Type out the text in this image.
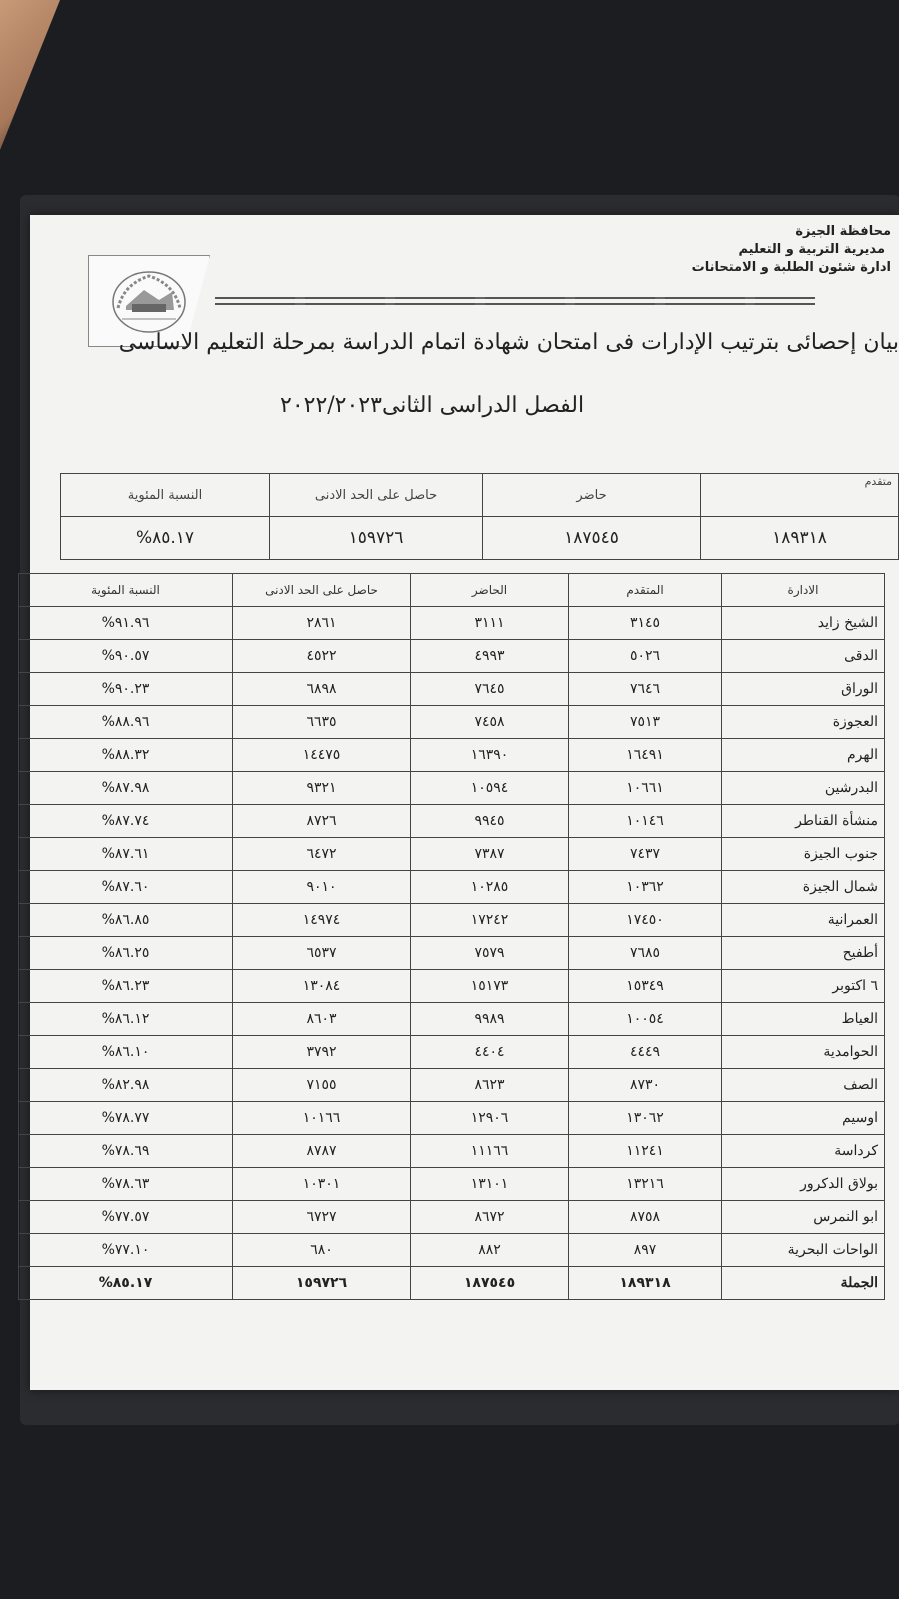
محافظة الجيزة
مديرية التربية و التعليم
ادارة شئون الطلبة و الامتحانات
بيان إحصائى بترتيب الإدارات فى امتحان شهادة اتمام الدراسة بمرحلة التعليم الاساسى
الفصل الدراسى الثانى٢٠٢٢/٢٠٢٣
متقدم	حاضر	حاصل على الحد الادنى	النسبة المئوية
١٨٩٣١٨	١٨٧٥٤٥	١٥٩٧٢٦	%٨٥.١٧
الادارة	المتقدم	الحاضر	حاصل على الحد الادنى	النسبة المئوية
الشيخ زايد	٣١٤٥	٣١١١	٢٨٦١	%٩١.٩٦
الدقى	٥٠٢٦	٤٩٩٣	٤٥٢٢	%٩٠.٥٧
الوراق	٧٦٤٦	٧٦٤٥	٦٨٩٨	%٩٠.٢٣
العجوزة	٧٥١٣	٧٤٥٨	٦٦٣٥	%٨٨.٩٦
الهرم	١٦٤٩١	١٦٣٩٠	١٤٤٧٥	%٨٨.٣٢
البدرشين	١٠٦٦١	١٠٥٩٤	٩٣٢١	%٨٧.٩٨
منشأة القناطر	١٠١٤٦	٩٩٤٥	٨٧٢٦	%٨٧.٧٤
جنوب الجيزة	٧٤٣٧	٧٣٨٧	٦٤٧٢	%٨٧.٦١
شمال الجيزة	١٠٣٦٢	١٠٢٨٥	٩٠١٠	%٨٧.٦٠
العمرانية	١٧٤٥٠	١٧٢٤٢	١٤٩٧٤	%٨٦.٨٥
أطفيح	٧٦٨٥	٧٥٧٩	٦٥٣٧	%٨٦.٢٥
٦ اكتوبر	١٥٣٤٩	١٥١٧٣	١٣٠٨٤	%٨٦.٢٣
العياط	١٠٠٥٤	٩٩٨٩	٨٦٠٣	%٨٦.١٢
الحوامدية	٤٤٤٩	٤٤٠٤	٣٧٩٢	%٨٦.١٠
الصف	٨٧٣٠	٨٦٢٣	٧١٥٥	%٨٢.٩٨
اوسيم	١٣٠٦٢	١٢٩٠٦	١٠١٦٦	%٧٨.٧٧
كرداسة	١١٢٤١	١١١٦٦	٨٧٨٧	%٧٨.٦٩
بولاق الدكرور	١٣٢١٦	١٣١٠١	١٠٣٠١	%٧٨.٦٣
ابو النمرس	٨٧٥٨	٨٦٧٢	٦٧٢٧	%٧٧.٥٧
الواحات البحرية	٨٩٧	٨٨٢	٦٨٠	%٧٧.١٠
الجملة	١٨٩٣١٨	١٨٧٥٤٥	١٥٩٧٢٦	%٨٥.١٧
